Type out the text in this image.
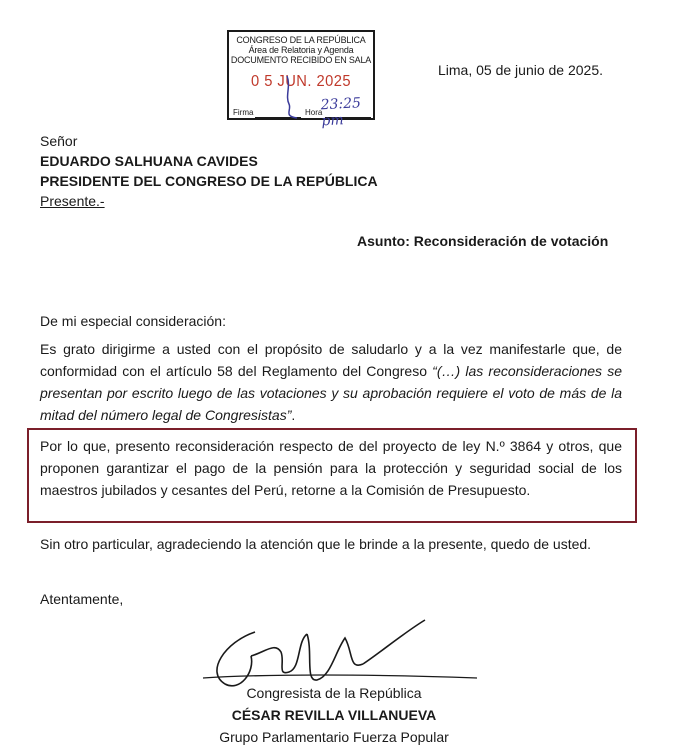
CONGRESO DE LA REPÚBLICA
Área de Relatoria y Agenda
DOCUMENTO RECIBIDO EN SALA
0 5 JUN. 2025
Firma	Hora
23:25 pm
Lima, 05 de junio de 2025.
Señor
EDUARDO SALHUANA CAVIDES
PRESIDENTE DEL CONGRESO DE LA REPÚBLICA
Presente.-
Asunto: Reconsideración de votación
De mi especial consideración:
Es grato dirigirme a usted con el propósito de saludarlo y a la vez manifestarle que, de conformidad con el artículo 58 del Reglamento del Congreso “(…) las reconsideraciones se presentan por escrito luego de las votaciones y su aprobación requiere el voto de más de la mitad del número legal de Congresistas”.
Por lo que, presento reconsideración respecto de del proyecto de ley N.º 3864 y otros, que proponen garantizar el pago de la pensión para la protección y seguridad social de los maestros jubilados y cesantes del Perú, retorne a la Comisión de Presupuesto.
Sin otro particular, agradeciendo la atención que le brinde a la presente, quedo de usted.
Atentamente,
Congresista de la República
CÉSAR REVILLA VILLANUEVA
Grupo Parlamentario Fuerza Popular
